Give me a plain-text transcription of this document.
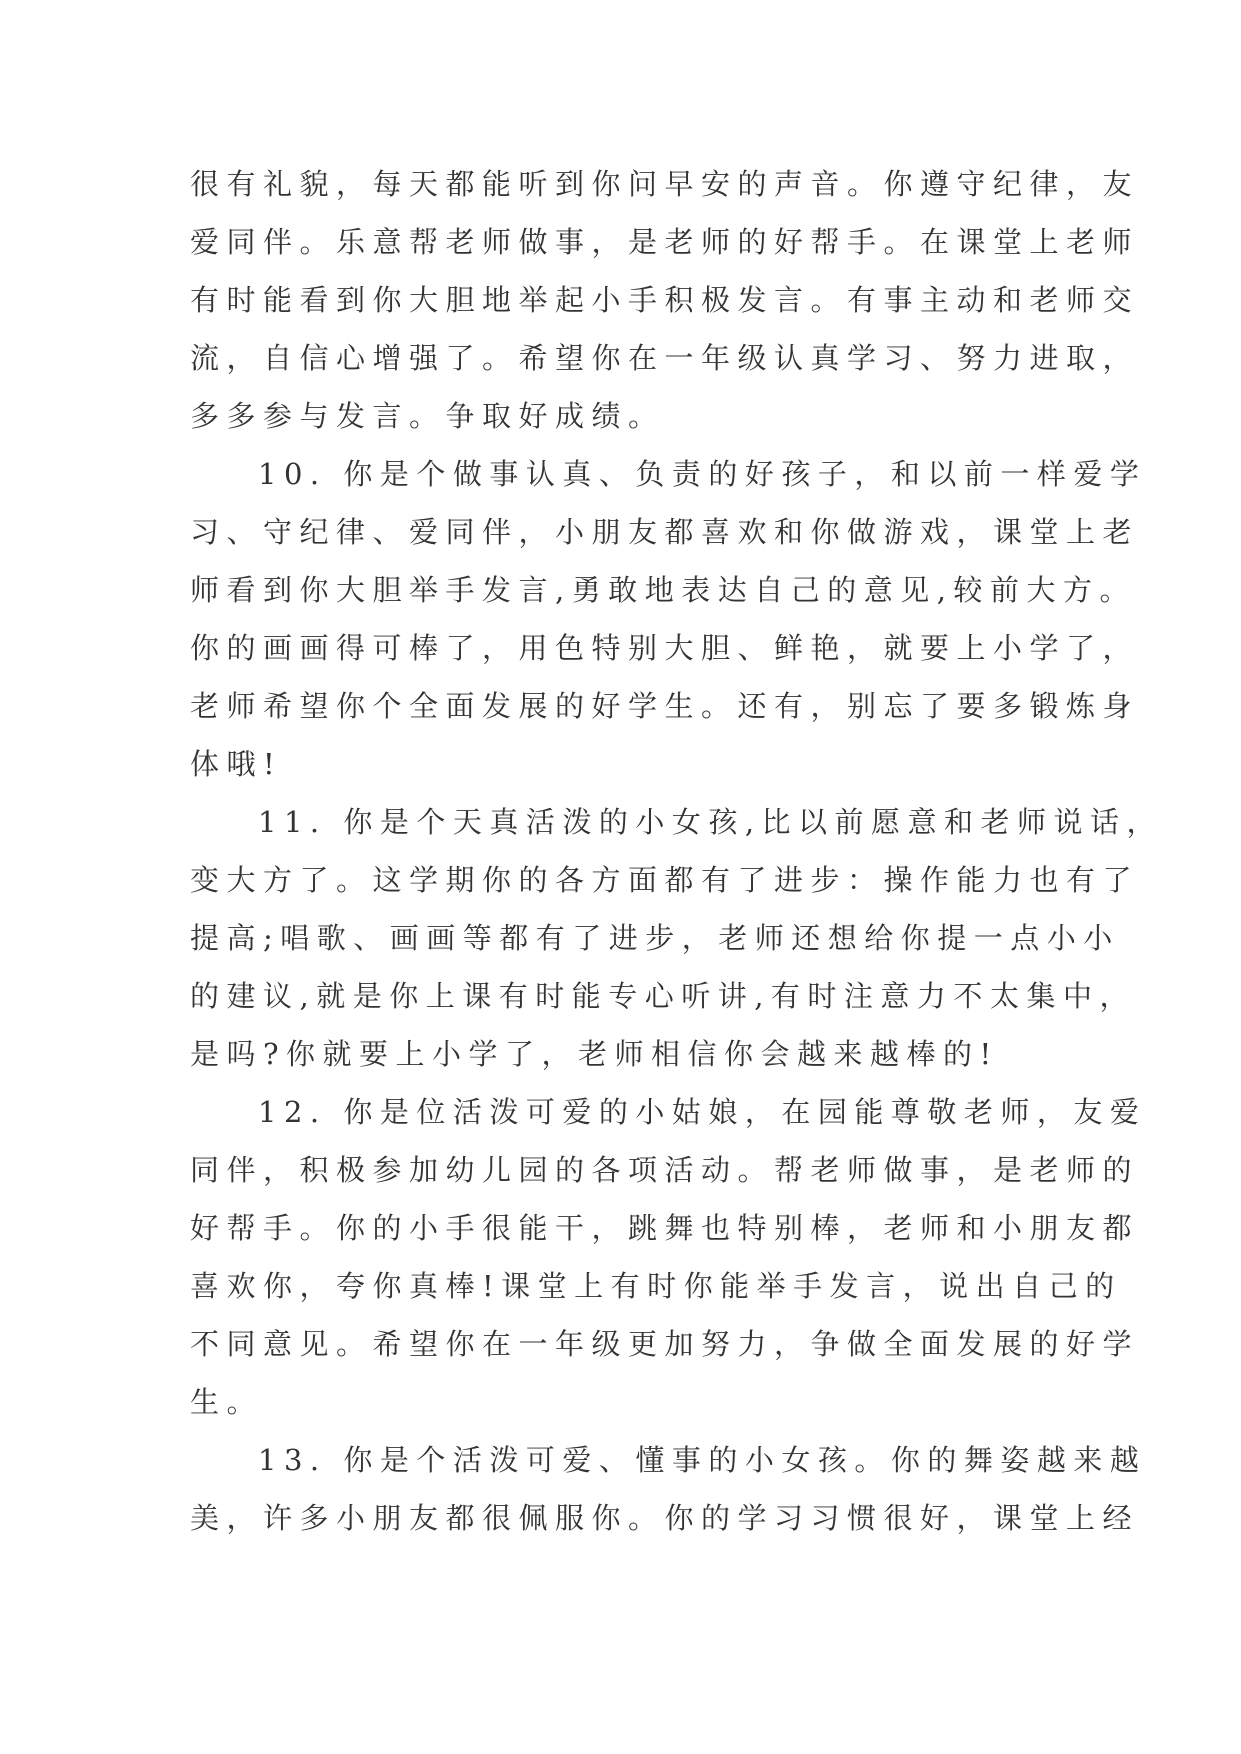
很有礼貌，每天都能听到你问早安的声音。你遵守纪律，友

爱同伴。乐意帮老师做事，是老师的好帮手。在课堂上老师

有时能看到你大胆地举起小手积极发言。有事主动和老师交

流，自信心增强了。希望你在一年级认真学习、努力进取，

多多参与发言。争取好成绩。

10. 你是个做事认真、负责的好孩子，和以前一样爱学

习、守纪律、爱同伴，小朋友都喜欢和你做游戏，课堂上老

师看到你大胆举手发言,勇敢地表达自己的意见,较前大方。

你的画画得可棒了，用色特别大胆、鲜艳，就要上小学了，

老师希望你个全面发展的好学生。还有，别忘了要多锻炼身

体哦!

11. 你是个天真活泼的小女孩,比以前愿意和老师说话，

变大方了。这学期你的各方面都有了进步：操作能力也有了

提高;唱歌、画画等都有了进步，老师还想给你提一点小小

的建议,就是你上课有时能专心听讲,有时注意力不太集中，

是吗?你就要上小学了，老师相信你会越来越棒的!

12. 你是位活泼可爱的小姑娘，在园能尊敬老师，友爱

同伴，积极参加幼儿园的各项活动。帮老师做事，是老师的

好帮手。你的小手很能干，跳舞也特别棒，老师和小朋友都

喜欢你，夸你真棒!课堂上有时你能举手发言，说出自己的

不同意见。希望你在一年级更加努力，争做全面发展的好学

生。

13. 你是个活泼可爱、懂事的小女孩。你的舞姿越来越

美，许多小朋友都很佩服你。你的学习习惯很好，课堂上经
